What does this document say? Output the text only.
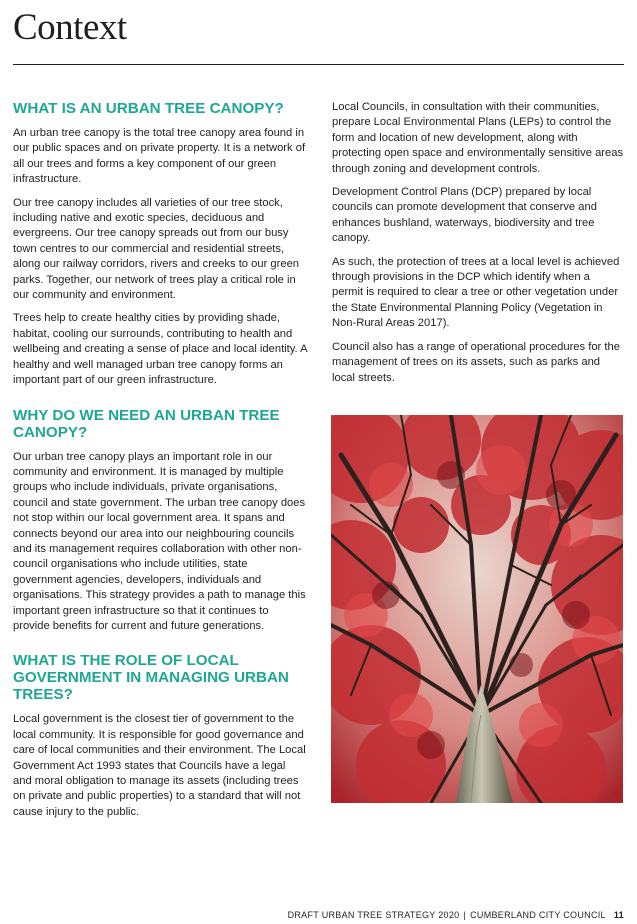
Context
WHAT IS AN URBAN TREE CANOPY?

An urban tree canopy is the total tree canopy area found in our public spaces and on private property. It is a network of all our trees and forms a key component of our green infrastructure.

Our tree canopy includes all varieties of our tree stock, including native and exotic species, deciduous and evergreens. Our tree canopy spreads out from our busy town centres to our commercial and residential streets, along our railway corridors, rivers and creeks to our green parks. Together, our network of trees play a critical role in our community and environment.

Trees help to create healthy cities by providing shade, habitat, cooling our surrounds, contributing to health and wellbeing and creating a sense of place and local identity. A healthy and well managed urban tree canopy forms an important part of our green infrastructure.

WHY DO WE NEED AN URBAN TREE CANOPY?

Our urban tree canopy plays an important role in our community and environment. It is managed by multiple groups who include individuals, private organisations, council and state government. The urban tree canopy does not stop within our local government area. It spans and connects beyond our area into our neighbouring councils and its management requires collaboration with other non-council organisations who include utilities, state government agencies, developers, individuals and organisations. This strategy provides a path to manage this important green infrastructure so that it continues to provide benefits for current and future generations.

WHAT IS THE ROLE OF LOCAL GOVERNMENT IN MANAGING URBAN TREES?

Local government is the closest tier of government to the local community. It is responsible for good governance and care of local communities and their environment. The Local Government Act 1993 states that Councils have a legal and moral obligation to manage its assets (including trees on private and public properties) to a standard that will not cause injury to the public.

Local Councils, in consultation with their communities, prepare Local Environmental Plans (LEPs) to control the form and location of new development, along with protecting open space and environmentally sensitive areas through zoning and development controls.

Development Control Plans (DCP) prepared by local councils can promote development that conserve and enhances bushland, waterways, biodiversity and tree canopy.

As such, the protection of trees at a local level is achieved through provisions in the DCP which identify when a permit is required to clear a tree or other vegetation under the State Environmental Planning Policy (Vegetation in Non-Rural Areas 2017).

Council also has a range of operational procedures for the management of trees on its assets, such as parks and local streets.

DRAFT URBAN TREE STRATEGY 2020 | CUMBERLAND CITY COUNCIL 11
